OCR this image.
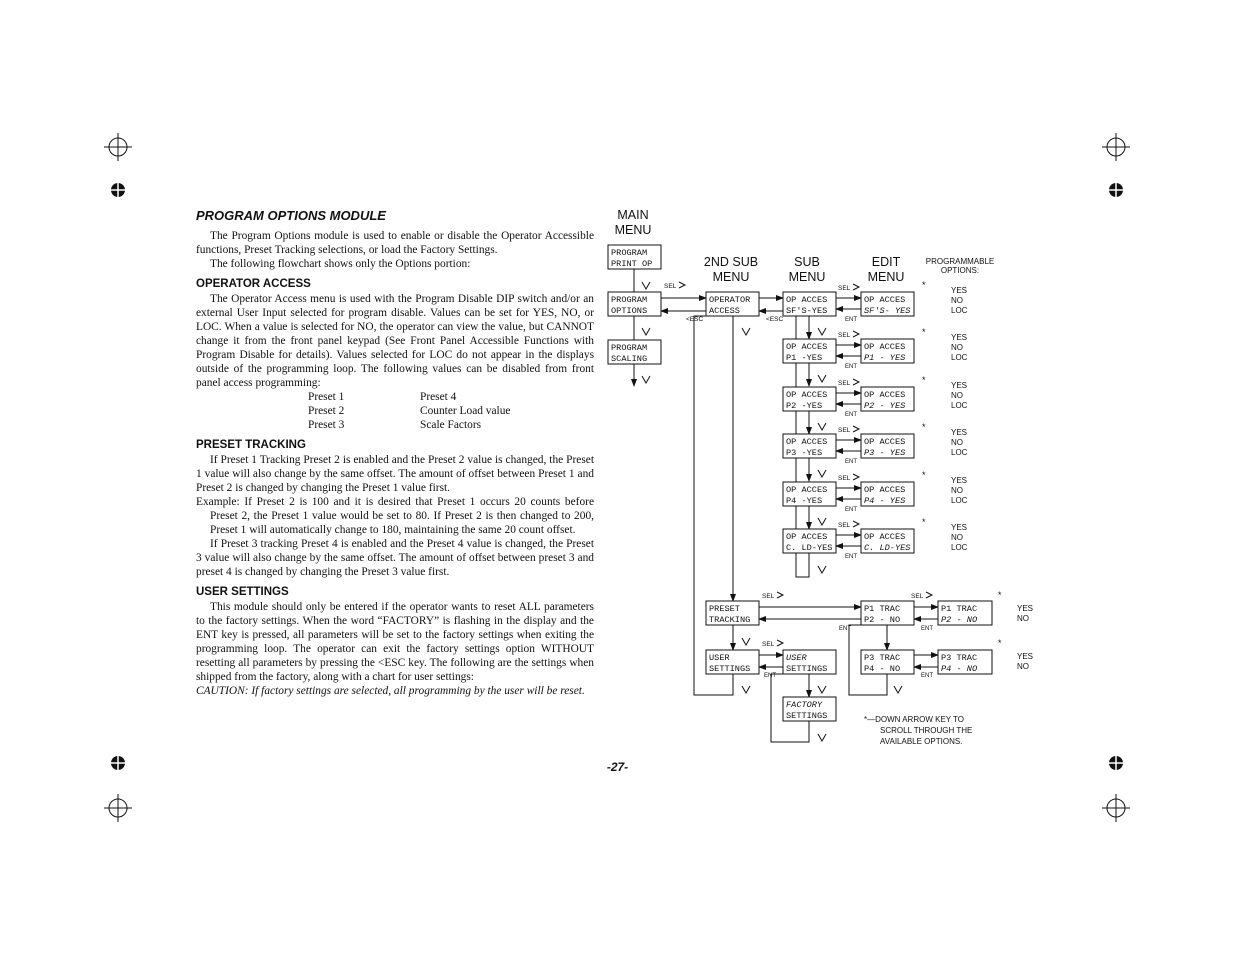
PROGRAM OPTIONS MODULE

The Program Options module is used to enable or disable the Operator Accessible functions, Preset Tracking selections, or load the Factory Settings.

The following flowchart shows only the Options portion:

OPERATOR ACCESS

The Operator Access menu is used with the Program Disable DIP switch and/or an external User Input selected for program disable. Values can be set for YES, NO, or LOC. When a value is selected for NO, the operator can view the value, but CANNOT change it from the front panel keypad (See Front Panel Accessible Functions with Program Disable for details). Values selected for LOC do not appear in the displays outside of the programming loop. The following values can be disabled from front panel access programming:

Preset 1	Preset 4
Preset 2	Counter Load value
Preset 3	Scale Factors
PRESET TRACKING

If Preset 1 Tracking Preset 2 is enabled and the Preset 2 value is changed, the Preset 1 value will also change by the same offset. The amount of offset between Preset 1 and Preset 2 is changed by changing the Preset 1 value first.

Example: If Preset 2 is 100 and it is desired that Preset 1 occurs 20 counts before Preset 2, the Preset 1 value would be set to 80. If Preset 2 is then changed to 200, Preset 1 will automatically change to 180, maintaining the same 20 count offset.

If Preset 3 tracking Preset 4 is enabled and the Preset 4 value is changed, the Preset 3 value will also change by the same offset. The amount of offset between preset 3 and preset 4 is changed by changing the Preset 3 value first.

USER SETTINGS

This module should only be entered if the operator wants to reset ALL parameters to the factory settings. When the word “FACTORY” is flashing in the display and the ENT key is pressed, all parameters will be set to the factory settings when exiting the programming loop. The operator can exit the factory settings option WITHOUT resetting all parameters by pressing the <ESC key. The following are the settings when shipped from the factory, along with a chart for user settings:

CAUTION: If factory settings are selected, all programming by the user will be reset.

-27-
MAIN
MENU
2ND SUB
MENU
SUB
MENU
EDIT
MENU
PROGRAMMABLE
OPTIONS:
PROGRAM
PRINT OP
PROGRAM
OPTIONS
PROGRAM
SCALING
OPERATOR
ACCESS
PRESET
TRACKING
USER
SETTINGS
OP ACCES
SF'S-YES
OP ACCES
P1 -YES
OP ACCES
P2 -YES
OP ACCES
P3 -YES
OP ACCES
P4 -YES
OP ACCES
C. LD-YES
OP ACCES
SF'S- YES
OP ACCES
P1 - YES
OP ACCES
P2 - YES
OP ACCES
P3 - YES
OP ACCES
P4 - YES
OP ACCES
C. LD-YES
P1 TRAC
P2 - NO
P3 TRAC
P4 - NO
P1 TRAC
P2 - NO
P3 TRAC
P4 - NO
USER
SETTINGS
FACTORY
SETTINGS
SEL
<ESC	<ESC
SEL
ENT
*
YES
NO
LOC
SEL
ENT
*
YES
NO
LOC
SEL
ENT
*
YES
NO
LOC
SEL
ENT
*
YES
NO
LOC
SEL
ENT
*
YES
NO
LOC
SEL
ENT
*
YES
NO
LOC
SEL
ENT
SEL
ENT
*
YES
NO
*
YES
NO
ENT
SEL
ENT
*—DOWN ARROW KEY TO
SCROLL THROUGH THE
AVAILABLE OPTIONS.
